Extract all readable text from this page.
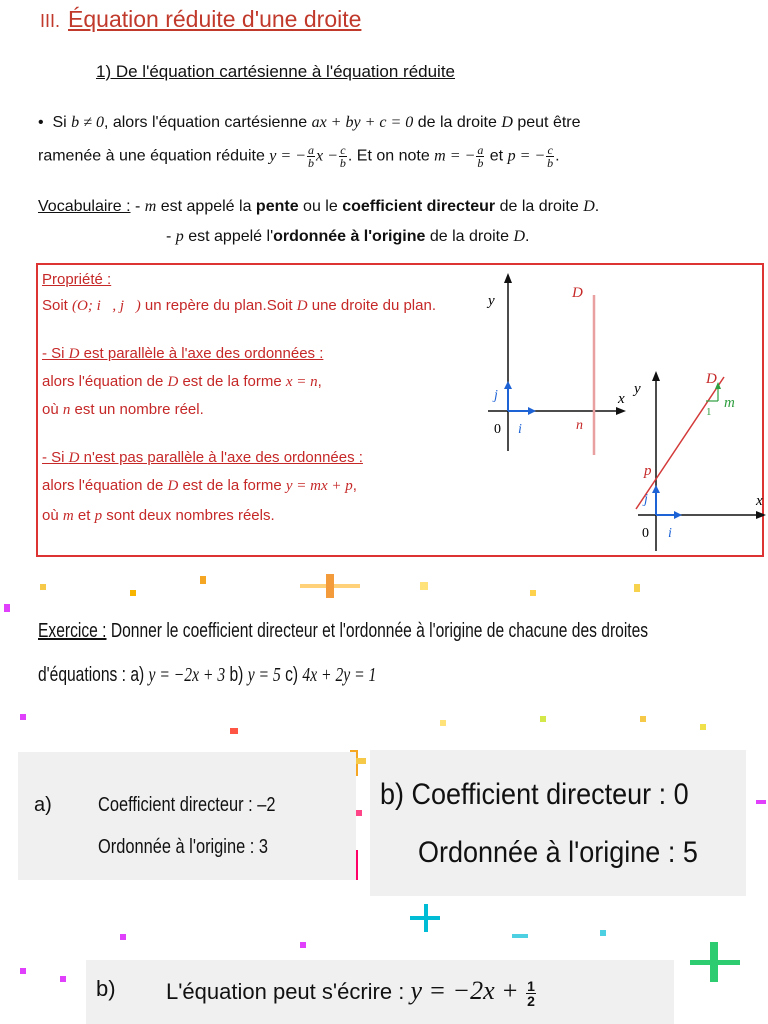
III. Équation réduite d'une droite
1) De l'équation cartésienne à l'équation réduite
• Si b ≠ 0, alors l'équation cartésienne ax + by + c = 0 de la droite D peut être
ramenée à une équation réduite y = − $\frac{a}{b}$ $x - \frac{c}{b}$ . Et on note m = − $\frac{a}{b}$ et p = − $\frac{c}{b}$ .
Vocabulaire : - m est appelé la pente ou le coefficient directeur de la droite D.
- p est appelé l'ordonnée à l'origine de la droite D.
Propriété :
Soit (O; i⃗, j⃗) un repère du plan.Soit D une droite du plan.
- Si D est parallèle à l'axe des ordonnées :
alors l'équation de D est de la forme x = n,
où n est un nombre réel.
- Si D n'est pas parallèle à l'axe des ordonnées :
alors l'équation de D est de la forme y = mx + p,
où m et p sont deux nombres réels.
y	D
x
j
i
0	n
y
D
x
m
1
p
j
i
0
Exercice : Donner le coefficient directeur et l'ordonnée à l'origine de chacune des droites
d'équations : a) y = −2x + 3 b) y = 5 c) 4x + 2y = 1
a) Coefficient directeur : –2
Ordonnée à l'origine : 3
b) Coefficient directeur : 0
Ordonnée à l'origine : 5
b) L'équation peut s'écrire : $y = -2x + \frac{1}{2}$
